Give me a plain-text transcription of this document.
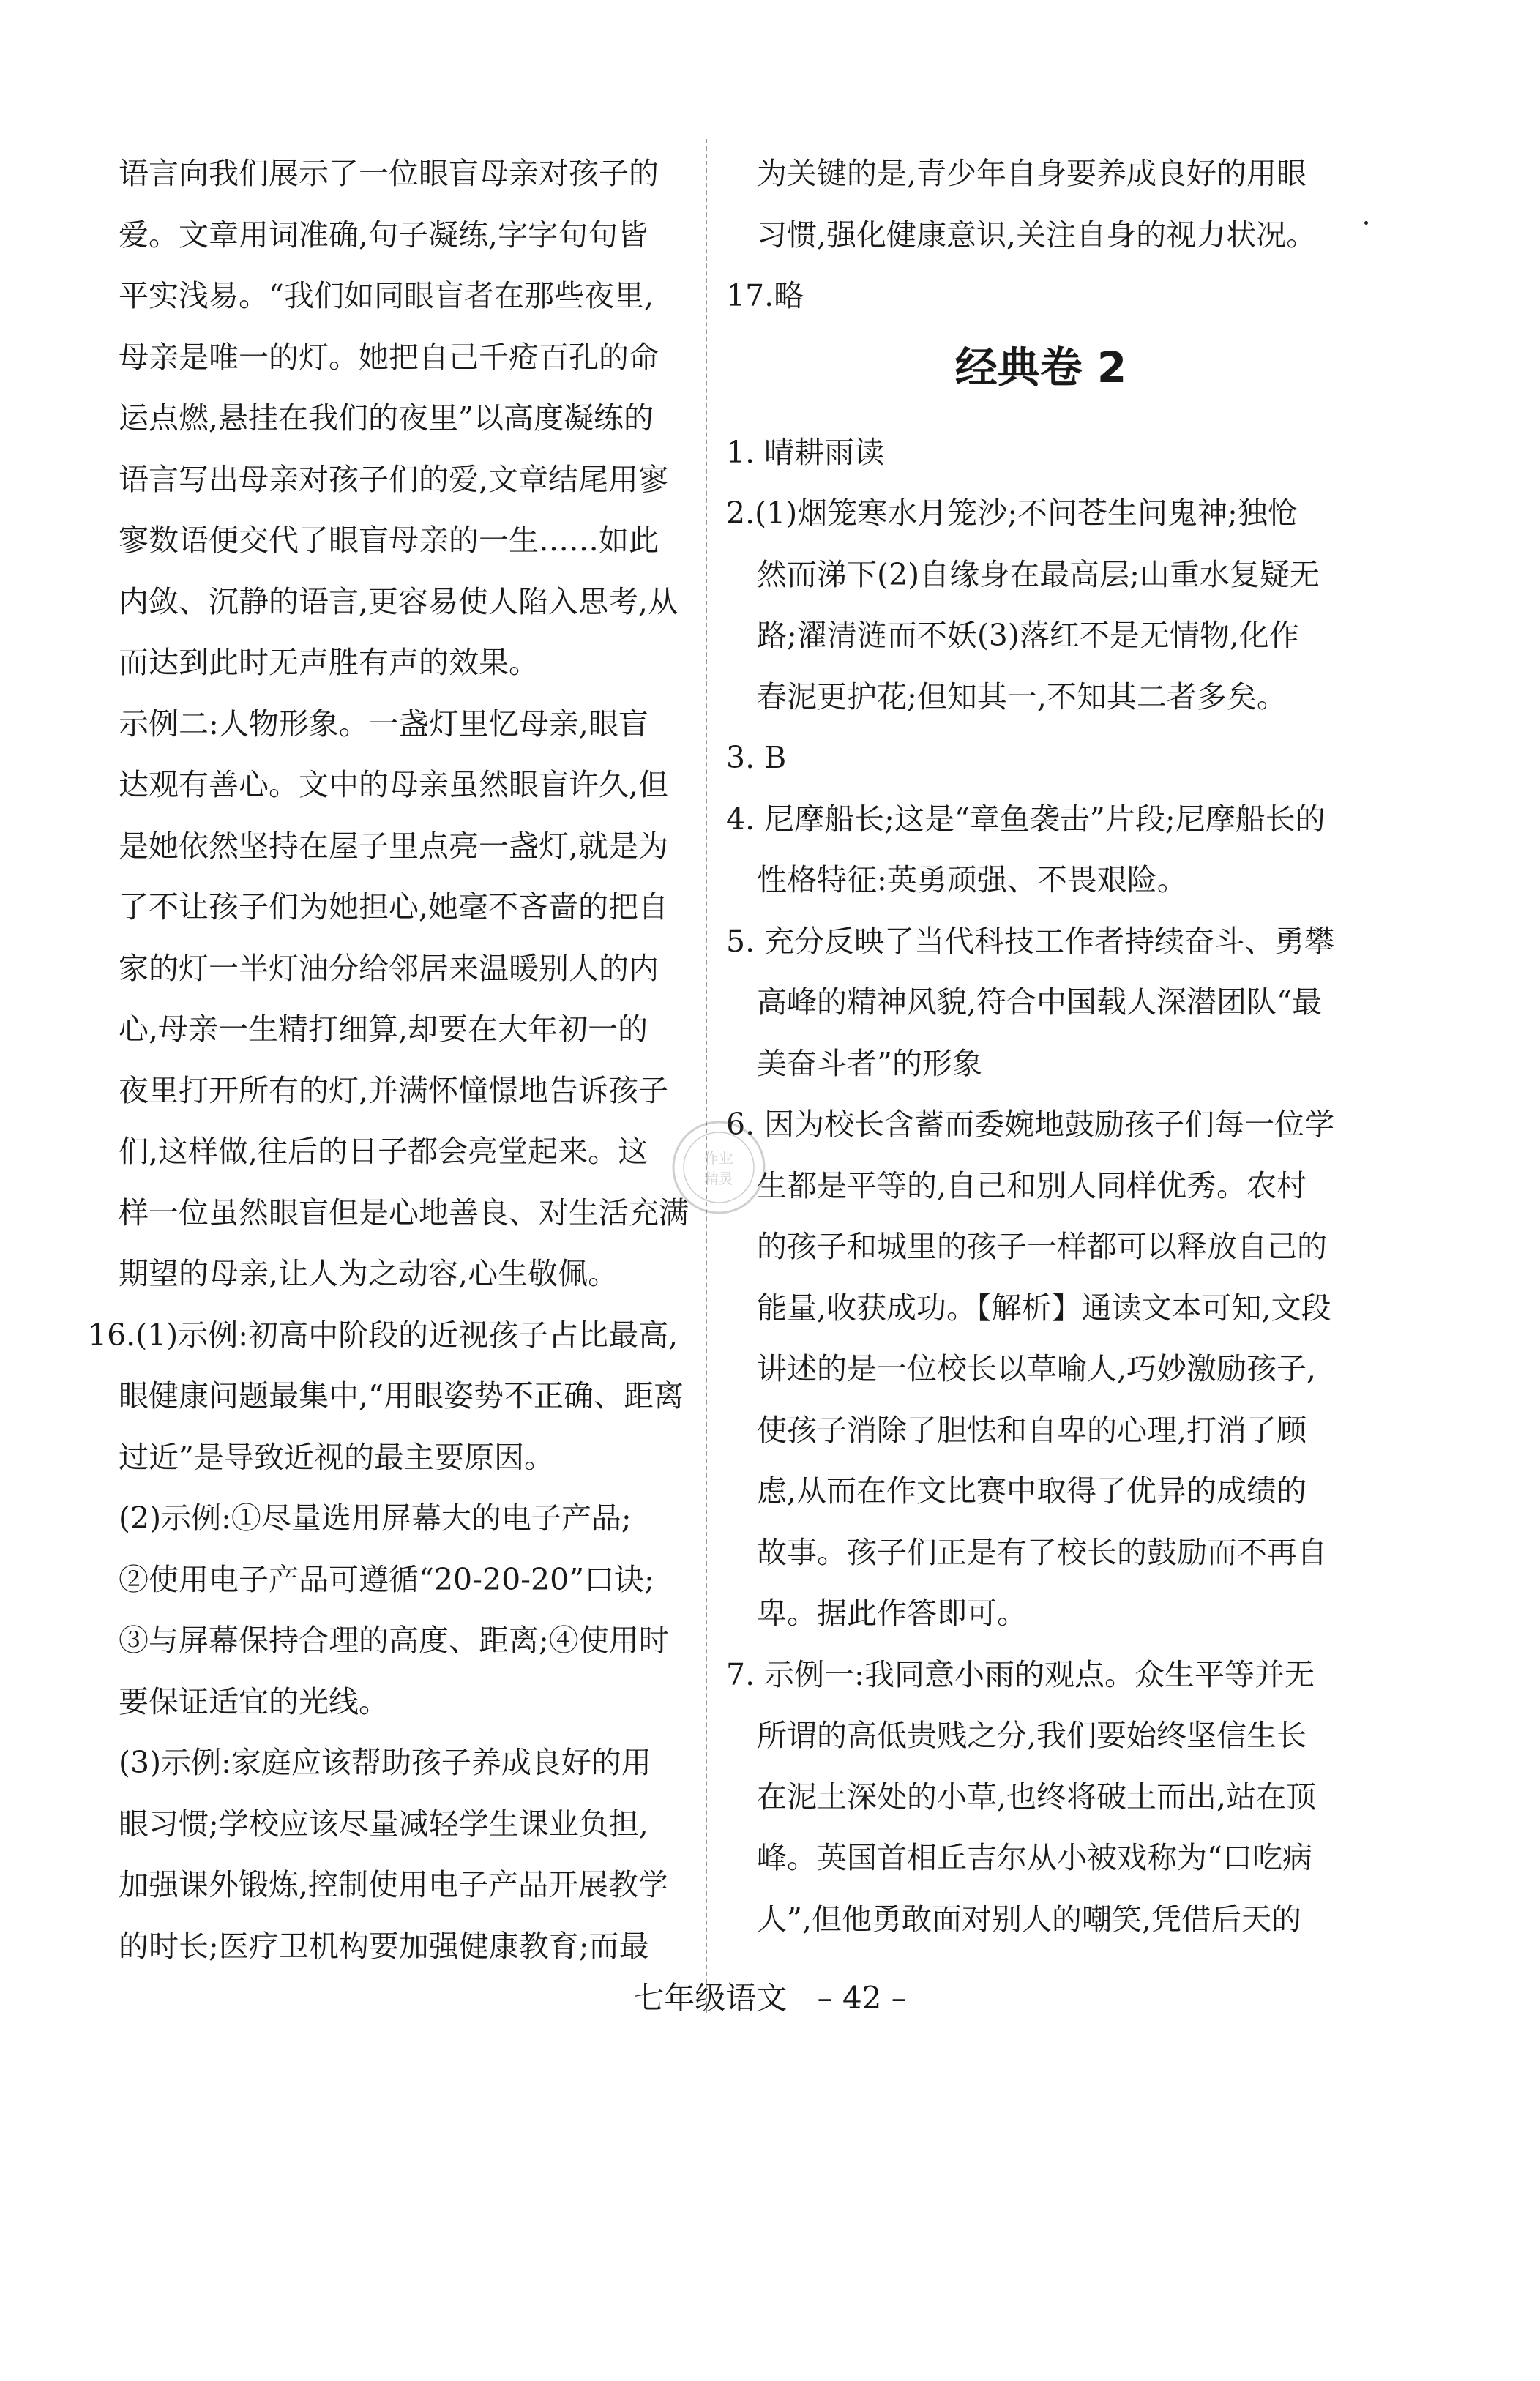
语言向我们展示了一位眼盲母亲对孩子的
爱。文章用词准确,句子凝练,字字句句皆
平实浅易。“我们如同眼盲者在那些夜里,
母亲是唯一的灯。她把自己千疮百孔的命
运点燃,悬挂在我们的夜里”以高度凝练的
语言写出母亲对孩子们的爱,文章结尾用寥
寥数语便交代了眼盲母亲的一生……如此
内敛、沉静的语言,更容易使人陷入思考,从
而达到此时无声胜有声的效果。
示例二:人物形象。一盏灯里忆母亲,眼盲
达观有善心。文中的母亲虽然眼盲许久,但
是她依然坚持在屋子里点亮一盏灯,就是为
了不让孩子们为她担心,她毫不吝啬的把自
家的灯一半灯油分给邻居来温暖别人的内
心,母亲一生精打细算,却要在大年初一的
夜里打开所有的灯,并满怀憧憬地告诉孩子
们,这样做,往后的日子都会亮堂起来。这
样一位虽然眼盲但是心地善良、对生活充满
期望的母亲,让人为之动容,心生敬佩。
16.(1)示例:初高中阶段的近视孩子占比最高,
眼健康问题最集中,“用眼姿势不正确、距离
过近”是导致近视的最主要原因。
(2)示例:①尽量选用屏幕大的电子产品;
②使用电子产品可遵循“20-20-20”口诀;
③与屏幕保持合理的高度、距离;④使用时
要保证适宜的光线。
(3)示例:家庭应该帮助孩子养成良好的用
眼习惯;学校应该尽量减轻学生课业负担,
加强课外锻炼,控制使用电子产品开展教学
的时长;医疗卫机构要加强健康教育;而最
为关键的是,青少年自身要养成良好的用眼
习惯,强化健康意识,关注自身的视力状况。
17.略
经典卷 2
1. 晴耕雨读
2.(1)烟笼寒水月笼沙;不问苍生问鬼神;独怆
然而涕下(2)自缘身在最高层;山重水复疑无
路;濯清涟而不妖(3)落红不是无情物,化作
春泥更护花;但知其一,不知其二者多矣。
3. B
4. 尼摩船长;这是“章鱼袭击”片段;尼摩船长的
性格特征:英勇顽强、不畏艰险。
5. 充分反映了当代科技工作者持续奋斗、勇攀
高峰的精神风貌,符合中国载人深潜团队“最
美奋斗者”的形象
6. 因为校长含蓄而委婉地鼓励孩子们每一位学
生都是平等的,自己和别人同样优秀。农村
的孩子和城里的孩子一样都可以释放自己的
能量,收获成功。【解析】通读文本可知,文段
讲述的是一位校长以草喻人,巧妙激励孩子,
使孩子消除了胆怯和自卑的心理,打消了顾
虑,从而在作文比赛中取得了优异的成绩的
故事。孩子们正是有了校长的鼓励而不再自
卑。据此作答即可。
7. 示例一:我同意小雨的观点。众生平等并无
所谓的高低贵贱之分,我们要始终坚信生长
在泥土深处的小草,也终将破土而出,站在顶
峰。英国首相丘吉尔从小被戏称为“口吃病
人”,但他勇敢面对别人的嘲笑,凭借后天的
作业
精灵
七年级语文 – 42 –
